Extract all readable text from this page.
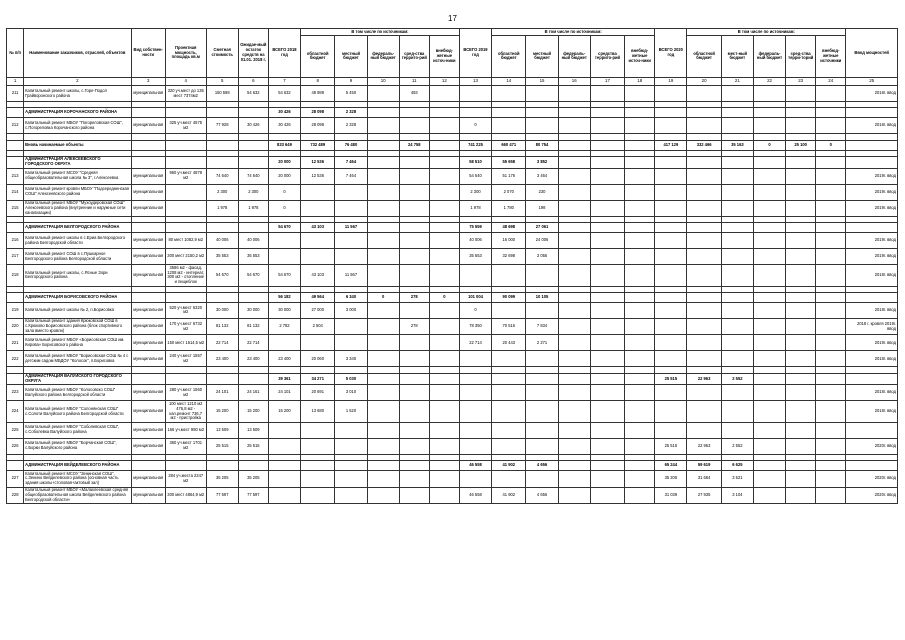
17
№ п/п	Наименование заказчиков, отраслей, объектов	Вид собствен-ности	Проектная мощность, площадь кв.м	Сметная стоимость	Ожидае-мый остаток средств на 01.01. 2018 г.	ВСЕГО 2018 год	В том числе по источникам:					ВСЕГО 2019 год	В том числе по источникам:					ВСЕГО 2020 год	В том числе по источникам:					Ввод мощностей
							областной бюджет	местный бюджет	федераль-ный бюджет	сред-ства террито-рий	внебюд-жетные источ-ники		областной бюджет	местный бюджет	федераль-ный бюджет	средства террито-рий	внебюд-жетные источ-ники		областной бюджет	мест-ный бюджет	федераль-ный бюджет	сред-ства терри-торий	внебюд-жетные источники	
1	2	3	4	5	6	7	8	9	10	11	12	13	14	15	16	17	18	19	20	21	22	23	24	25
211	Капитальный ремонт школы, с.Горе-Подол Грайворонского района	муниципальная	320 уч.мест до 135 мест 7374м2	150 598	54 632	54 632	48 989	5 450		493														2018г. ввод

	АДМИНИСТРАЦИЯ КОРОЧАНСКОГО РАЙОНА					30 426	28 098	2 328																
212	Капитальный ремонт МБОУ "Погореловская СОШ", с.Погореловка Корочанского района	муниципальная	325 уч.мест 4575 м2	77 928	30 426	30 426	28 098	2 328				0												2018г. ввод

	Вновь начинаемые объекты					833 649	732 489	76 480		24 758		741 225	660 471	80 754				417 129	332 466	35 163	0	25 100	0	

	АДМИНИСТРАЦИЯ АЛЕКСЕЕВСКОГО ГОРОДСКОГО ОКРУГА					20 000	12 536	7 464				58 510	55 658	3 852										
213	Капитальный ремонт МСОУ "Средняя общеобразовательная школа № 3", г.Алексеевка	муниципальная	960 уч.мест 4878 м2	74 640	74 640	20 000	12 536	7 464				54 640	51 176	3 464										2019г. ввод
214	Капитальный ремонт кровли МБОУ "Подсередненская СОШ" Алексеевского района	муниципальная		2 300	2 300	0						2 300	2 070	230										2019г. ввод
215	Капитальный ремонт МБОУ "Мухоудеровская СОШ" Алексеевского района (внутренние и наружные сети канализации)	муниципальная		1 978	1 978	0						1 978	1 780	198										2019г. ввод

	АДМИНИСТРАЦИЯ БЕЛГОРОДСКОГО РАЙОНА					54 670	43 103	11 567				75 559	48 698	27 061										
216	Капитальный ремонт школы в с.Ериа Белгородского района Белгородской области	муниципальная	80 мест 1082,9 м2	40 006	40 006							40 006	16 000	24 006										2019г. ввод
217	Капитальный ремонт СОШ в с.Пушкарное Белгородского района Белгородской области	муниципальная	300 мест 2150,2 м2	35 553	35 553							35 553	32 698	3 055										2019г. ввод
218	Капитальный ремонт школы, с.Ясные Зори Белгородского района	муниципальная	3586 м2 - фасад, 1208 м2 - интернат, 300 м2 - отопление и пищеблок	54 670	54 670	54 670	43 103	11 567																2018г. ввод

	АДМИНИСТРАЦИЯ БОРИСОВСКОГО РАЙОНА					56 182	49 564	6 340	0	278	0	101 004	90 099	10 105										
219	Капитальный ремонт школы № 2, п.Борисовка	муниципальная	520 уч.мест 6320 м2	30 000	30 000	30 000	27 000	3 000				0												2018г. ввод
220	Капитальный ремонт здания Крюковской СОШ в с.Крюково Борисовского района (блок спортивного зала вместо кровли)	муниципальная	170 уч.мест 6732 м2	81 132	81 132	2 782	2 504			278		78 350	70 516	7 834										2018 г. кровля 2019г. ввод
221	Капитальный ремонт МБОУ «Борисовская СОШ им. Кирова» Борисовского района	муниципальная	150 мест 1614,5 м2	22 714	22 714							22 714	20 443	2 271										2019г. ввод
222	Капитальный ремонт МБОУ "Борисовская СОШ № 4 с детским садом МБДОУ "Колосок", п.Борисовка	муниципальная	240 уч.мест 1557 м2	23 400	23 400	23 400	20 060	3 340																2018г. ввод

	АДМИНИСТРАЦИЯ ВАЛУЙСКОГО ГОРОДСКОГО ОКРУГА					39 361	34 271	5 030										25 515	22 963	2 552				
223	Капитальный ремонт МБОУ "Колосовско СОШ" Валуйского района Белгородской области	муниципальная	280 уч.мест 1560 м2	24 101	24 161	24 101	20 691	3 010																2018г. ввод
224	Капитальный ремонт МБОУ "Солонянская СОШ" с.Солоти Валуйского района Белгородской области	муниципальная	100 мест 1210 м2 476,8 м2 - кап.ремонт 736,7 м2 - пристройка	15 200	15 200	15 200	13 680	1 520																2018г. ввод
225	Капитальный ремонт МБОУ "Соболевская СОШ", с.Соболевка Валуйского района	муниципальная	166 уч.мест 980 м2	13 509	13 509																			
226	Капитальный ремонт МБОУ "Борчанская СОШ", с.Борки Валуйского района	муниципальная	360 уч.мест 1701 м2	25 515	25 515													25 515	22 963	2 552				2020г. ввод

	АДМИНИСТРАЦИЯ ВЕЙДЕЛЕВСКОГО РАЙОНА											46 558	41 902	4 656				65 244	59 619	6 625				
227	Капитальный ремонт МСОУ "Зенинская СОШ", с.Зенино Вейделевского района (основная часть здания школы+столовая+актовый зал)	муниципальная	284 уч.места 2347 м2	35 205	35 205													35 205	31 684	3 521				2020г. ввод
228	Капитальный ремонт МБОУ «Малаклеевская средняя общеобразовательная школа Вейделевского района Белгородской области»	муниципальная	300 мест 4864,9 м2	77 597	77 597							46 558	41 902	4 656				31 039	27 935	3 104				2020г. ввод
